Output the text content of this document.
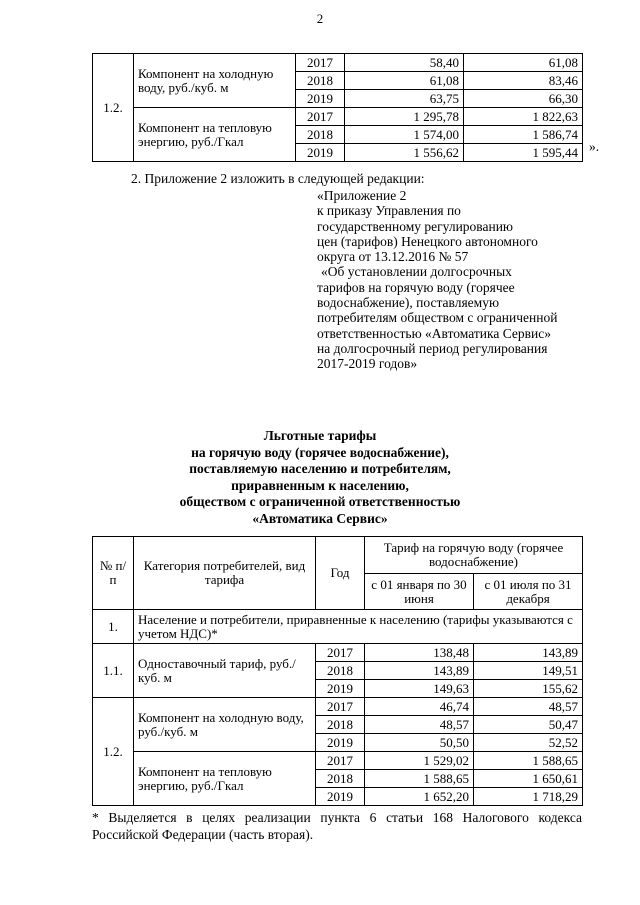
2
1.2.	Компонент на холодную воду, руб./куб. м	2017	58,40	61,08
		2018	61,08	83,46
		2019	63,75	66,30
	Компонент на тепловую энергию, руб./Гкал	2017	1 295,78	1 822,63
		2018	1 574,00	1 586,74
		2019	1 556,62	1 595,44 ».
2. Приложение 2 изложить в следующей редакции:
«Приложение 2
к приказу Управления по
государственному регулированию
цен (тарифов) Ненецкого автономного
округа от 13.12.2016 № 57
«Об установлении долгосрочных
тарифов на горячую воду (горячее
водоснабжение), поставляемую
потребителям обществом с ограниченной
ответственностью «Автоматика Сервис»
на долгосрочный период регулирования
2017-2019 годов»
Льготные тарифы
на горячую воду (горячее водоснабжение),
поставляемую населению и потребителям,
приравненным к населению,
обществом с ограниченной ответственностью
«Автоматика Сервис»
№ п/п	Категория потребителей, вид тарифа	Год	Тариф на горячую воду (горячее водоснабжение)	
			с 01 января по 30 июня	с 01 июля по 31 декабря
1.	Население и потребители, приравненные к населению (тарифы указываются с учетом НДС)*			
1.1.	Одноставочный тариф, руб./куб. м	2017	138,48	143,89
		2018	143,89	149,51
		2019	149,63	155,62
1.2.	Компонент на холодную воду, руб./куб. м	2017	46,74	48,57
		2018	48,57	50,47
		2019	50,50	52,52
	Компонент на тепловую энергию, руб./Гкал	2017	1 529,02	1 588,65
		2018	1 588,65	1 650,61
		2019	1 652,20	1 718,29
* Выделяется в целях реализации пункта 6 статьи 168 Налогового кодекса Российской Федерации (часть вторая).
